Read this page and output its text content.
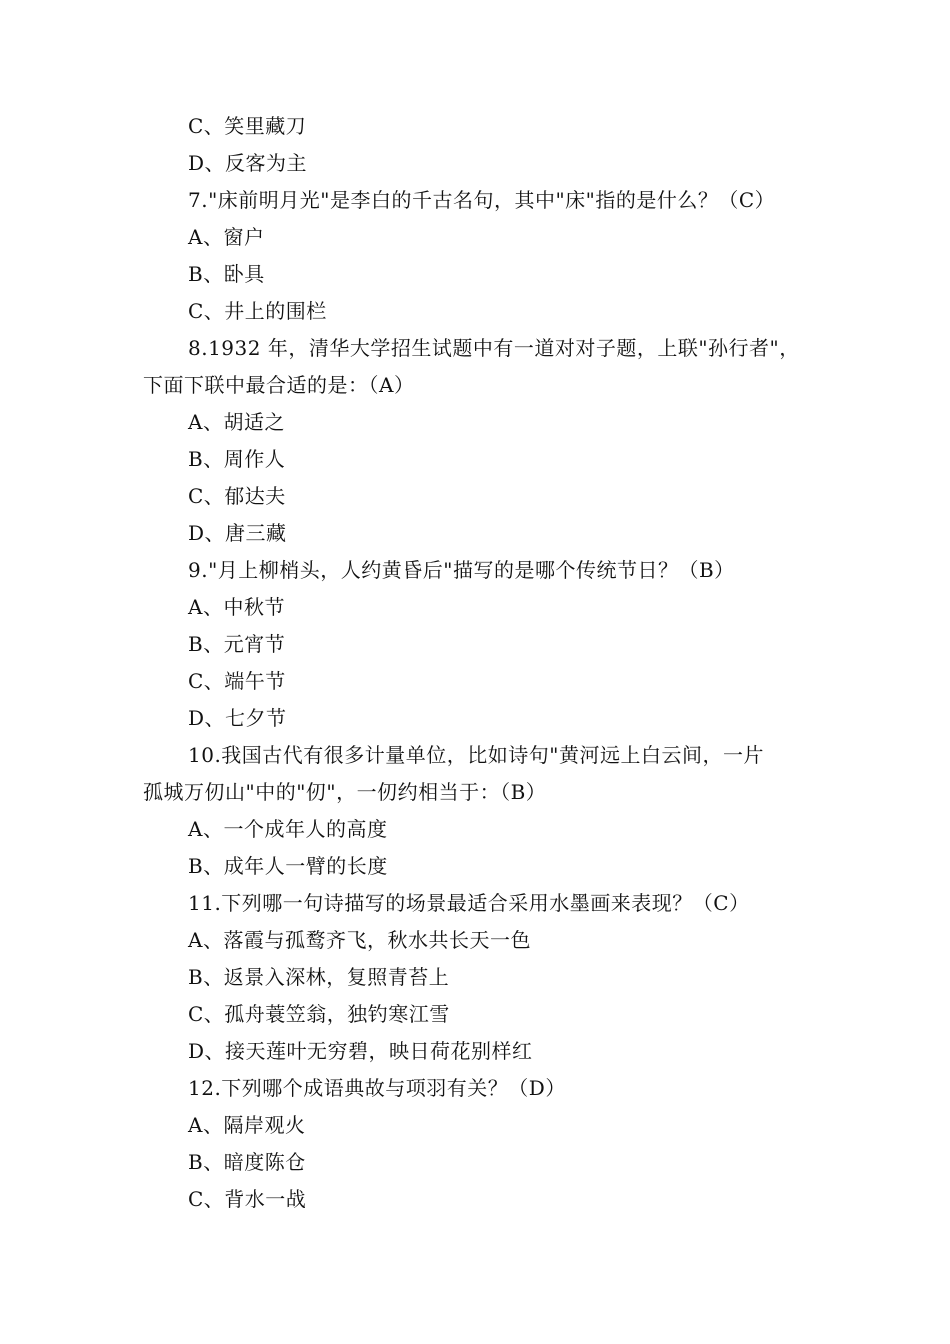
C、笑里藏刀
D、反客为主
7."床前明月光"是李白的千古名句，其中"床"指的是什么？（C）
A、窗户
B、卧具
C、井上的围栏
8.1932 年，清华大学招生试题中有一道对对子题，上联"孙行者"，
下面下联中最合适的是：（A）
A、胡适之
B、周作人
C、郁达夫
D、唐三藏
9."月上柳梢头，人约黄昏后"描写的是哪个传统节日？（B）
A、中秋节
B、元宵节
C、端午节
D、七夕节
10.我国古代有很多计量单位，比如诗句"黄河远上白云间，一片
孤城万仞山"中的"仞"，一仞约相当于：（B）
A、一个成年人的高度
B、成年人一臂的长度
11.下列哪一句诗描写的场景最适合采用水墨画来表现？（C）
A、落霞与孤鹜齐飞，秋水共长天一色
B、返景入深林，复照青苔上
C、孤舟蓑笠翁，独钓寒江雪
D、接天莲叶无穷碧，映日荷花别样红
12.下列哪个成语典故与项羽有关？（D）
A、隔岸观火
B、暗度陈仓
C、背水一战
